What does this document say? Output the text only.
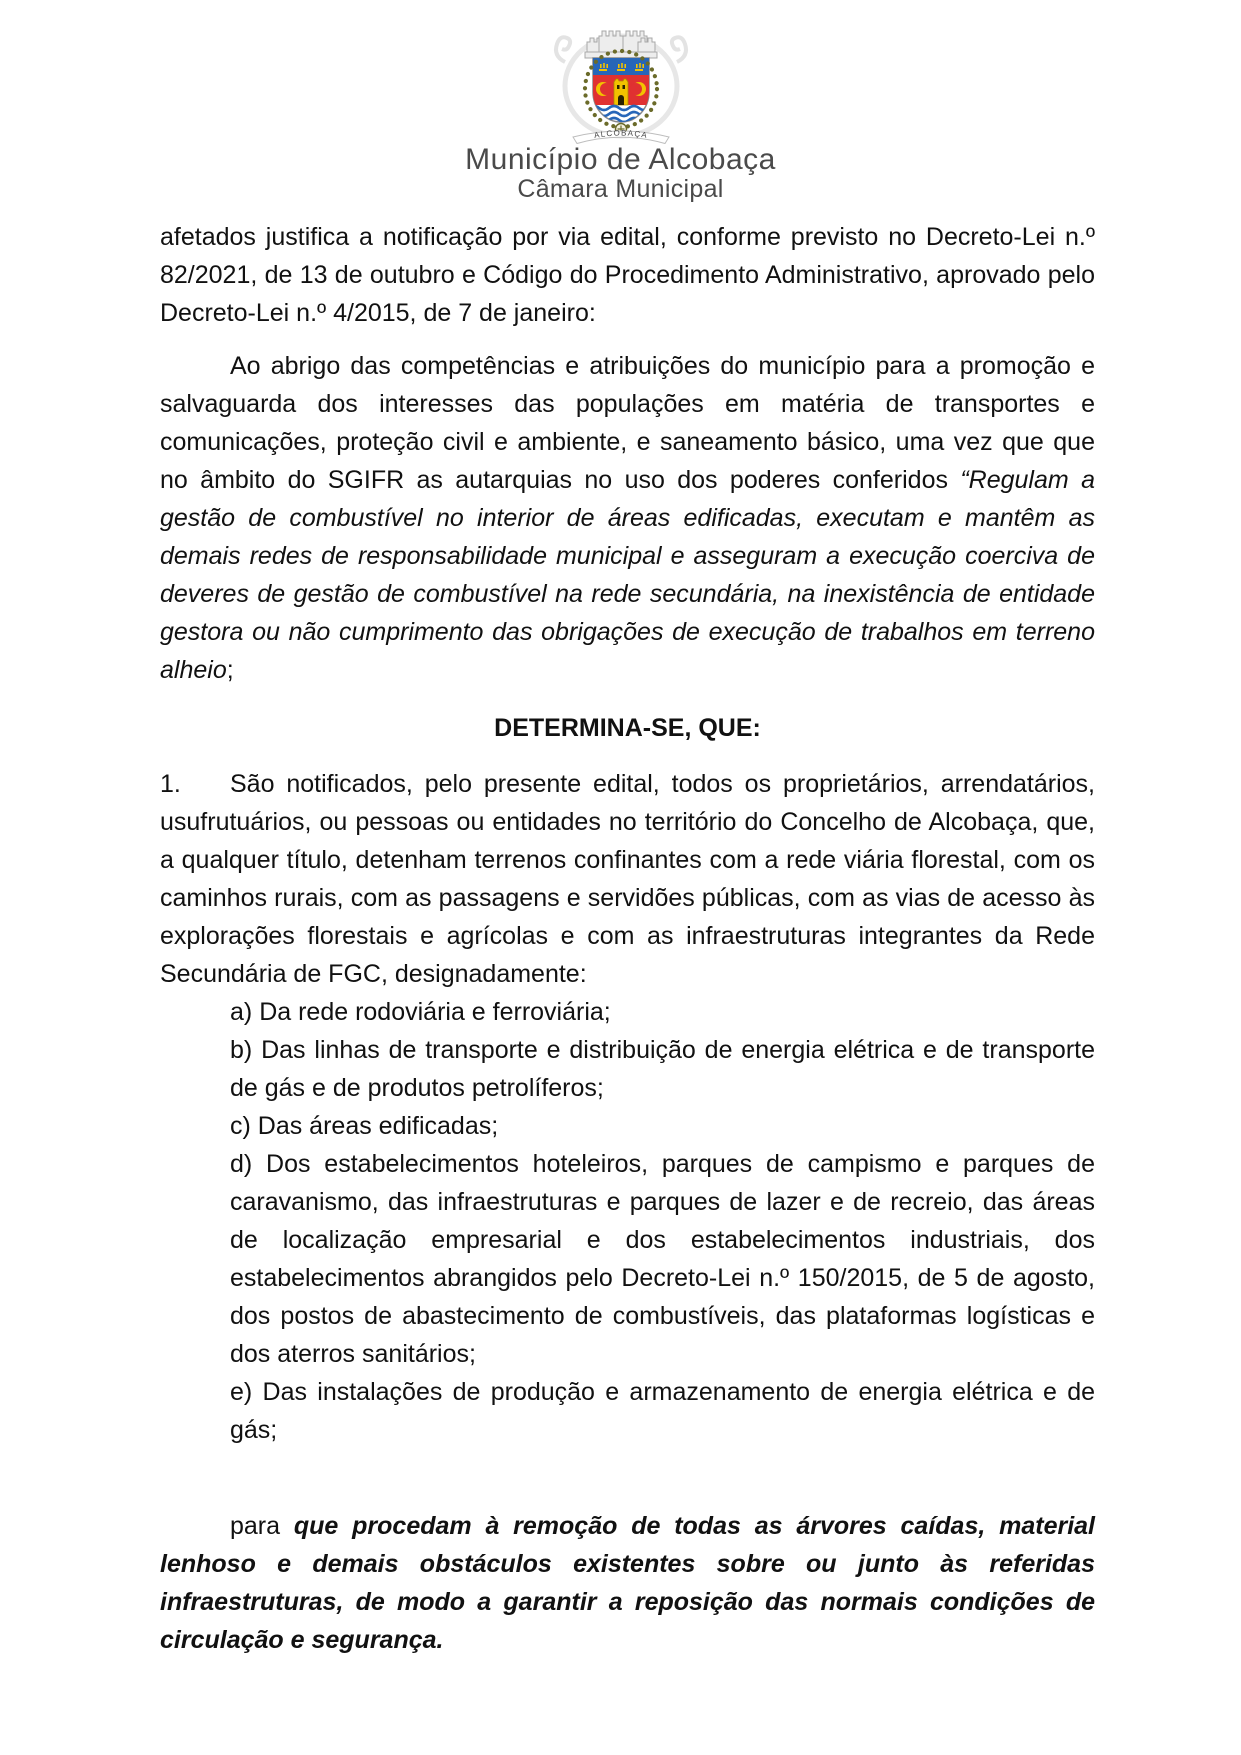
ALCOBAÇA
Município de Alcobaça
Câmara Municipal

afetados justifica a notificação por via edital, conforme previsto no Decreto-Lei n.º 82/2021, de 13 de outubro e Código do Procedimento Administrativo, aprovado pelo Decreto-Lei n.º 4/2015, de 7 de janeiro:

Ao abrigo das competências e atribuições do município para a promoção e salvaguarda dos interesses das populações em matéria de transportes e comunicações, proteção civil e ambiente, e saneamento básico, uma vez que que no âmbito do SGIFR as autarquias no uso dos poderes conferidos “Regulam a gestão de combustível no interior de áreas edificadas, executam e mantêm as demais redes de responsabilidade municipal e asseguram a execução coerciva de deveres de gestão de combustível na rede secundária, na inexistência de entidade gestora ou não cumprimento das obrigações de execução de trabalhos em terreno alheio;

DETERMINA-SE, QUE:

1. São notificados, pelo presente edital, todos os proprietários, arrendatários, usufrutuários, ou pessoas ou entidades no território do Concelho de Alcobaça, que, a qualquer título, detenham terrenos confinantes com a rede viária florestal, com os caminhos rurais, com as passagens e servidões públicas, com as vias de acesso às explorações florestais e agrícolas e com as infraestruturas integrantes da Rede Secundária de FGC, designadamente:

a) Da rede rodoviária e ferroviária;

b) Das linhas de transporte e distribuição de energia elétrica e de transporte de gás e de produtos petrolíferos;

c) Das áreas edificadas;

d) Dos estabelecimentos hoteleiros, parques de campismo e parques de caravanismo, das infraestruturas e parques de lazer e de recreio, das áreas de localização empresarial e dos estabelecimentos industriais, dos estabelecimentos abrangidos pelo Decreto-Lei n.º 150/2015, de 5 de agosto, dos postos de abastecimento de combustíveis, das plataformas logísticas e dos aterros sanitários;

e) Das instalações de produção e armazenamento de energia elétrica e de gás;

para que procedam à remoção de todas as árvores caídas, material lenhoso e demais obstáculos existentes sobre ou junto às referidas infraestruturas, de modo a garantir a reposição das normais condições de circulação e segurança.
